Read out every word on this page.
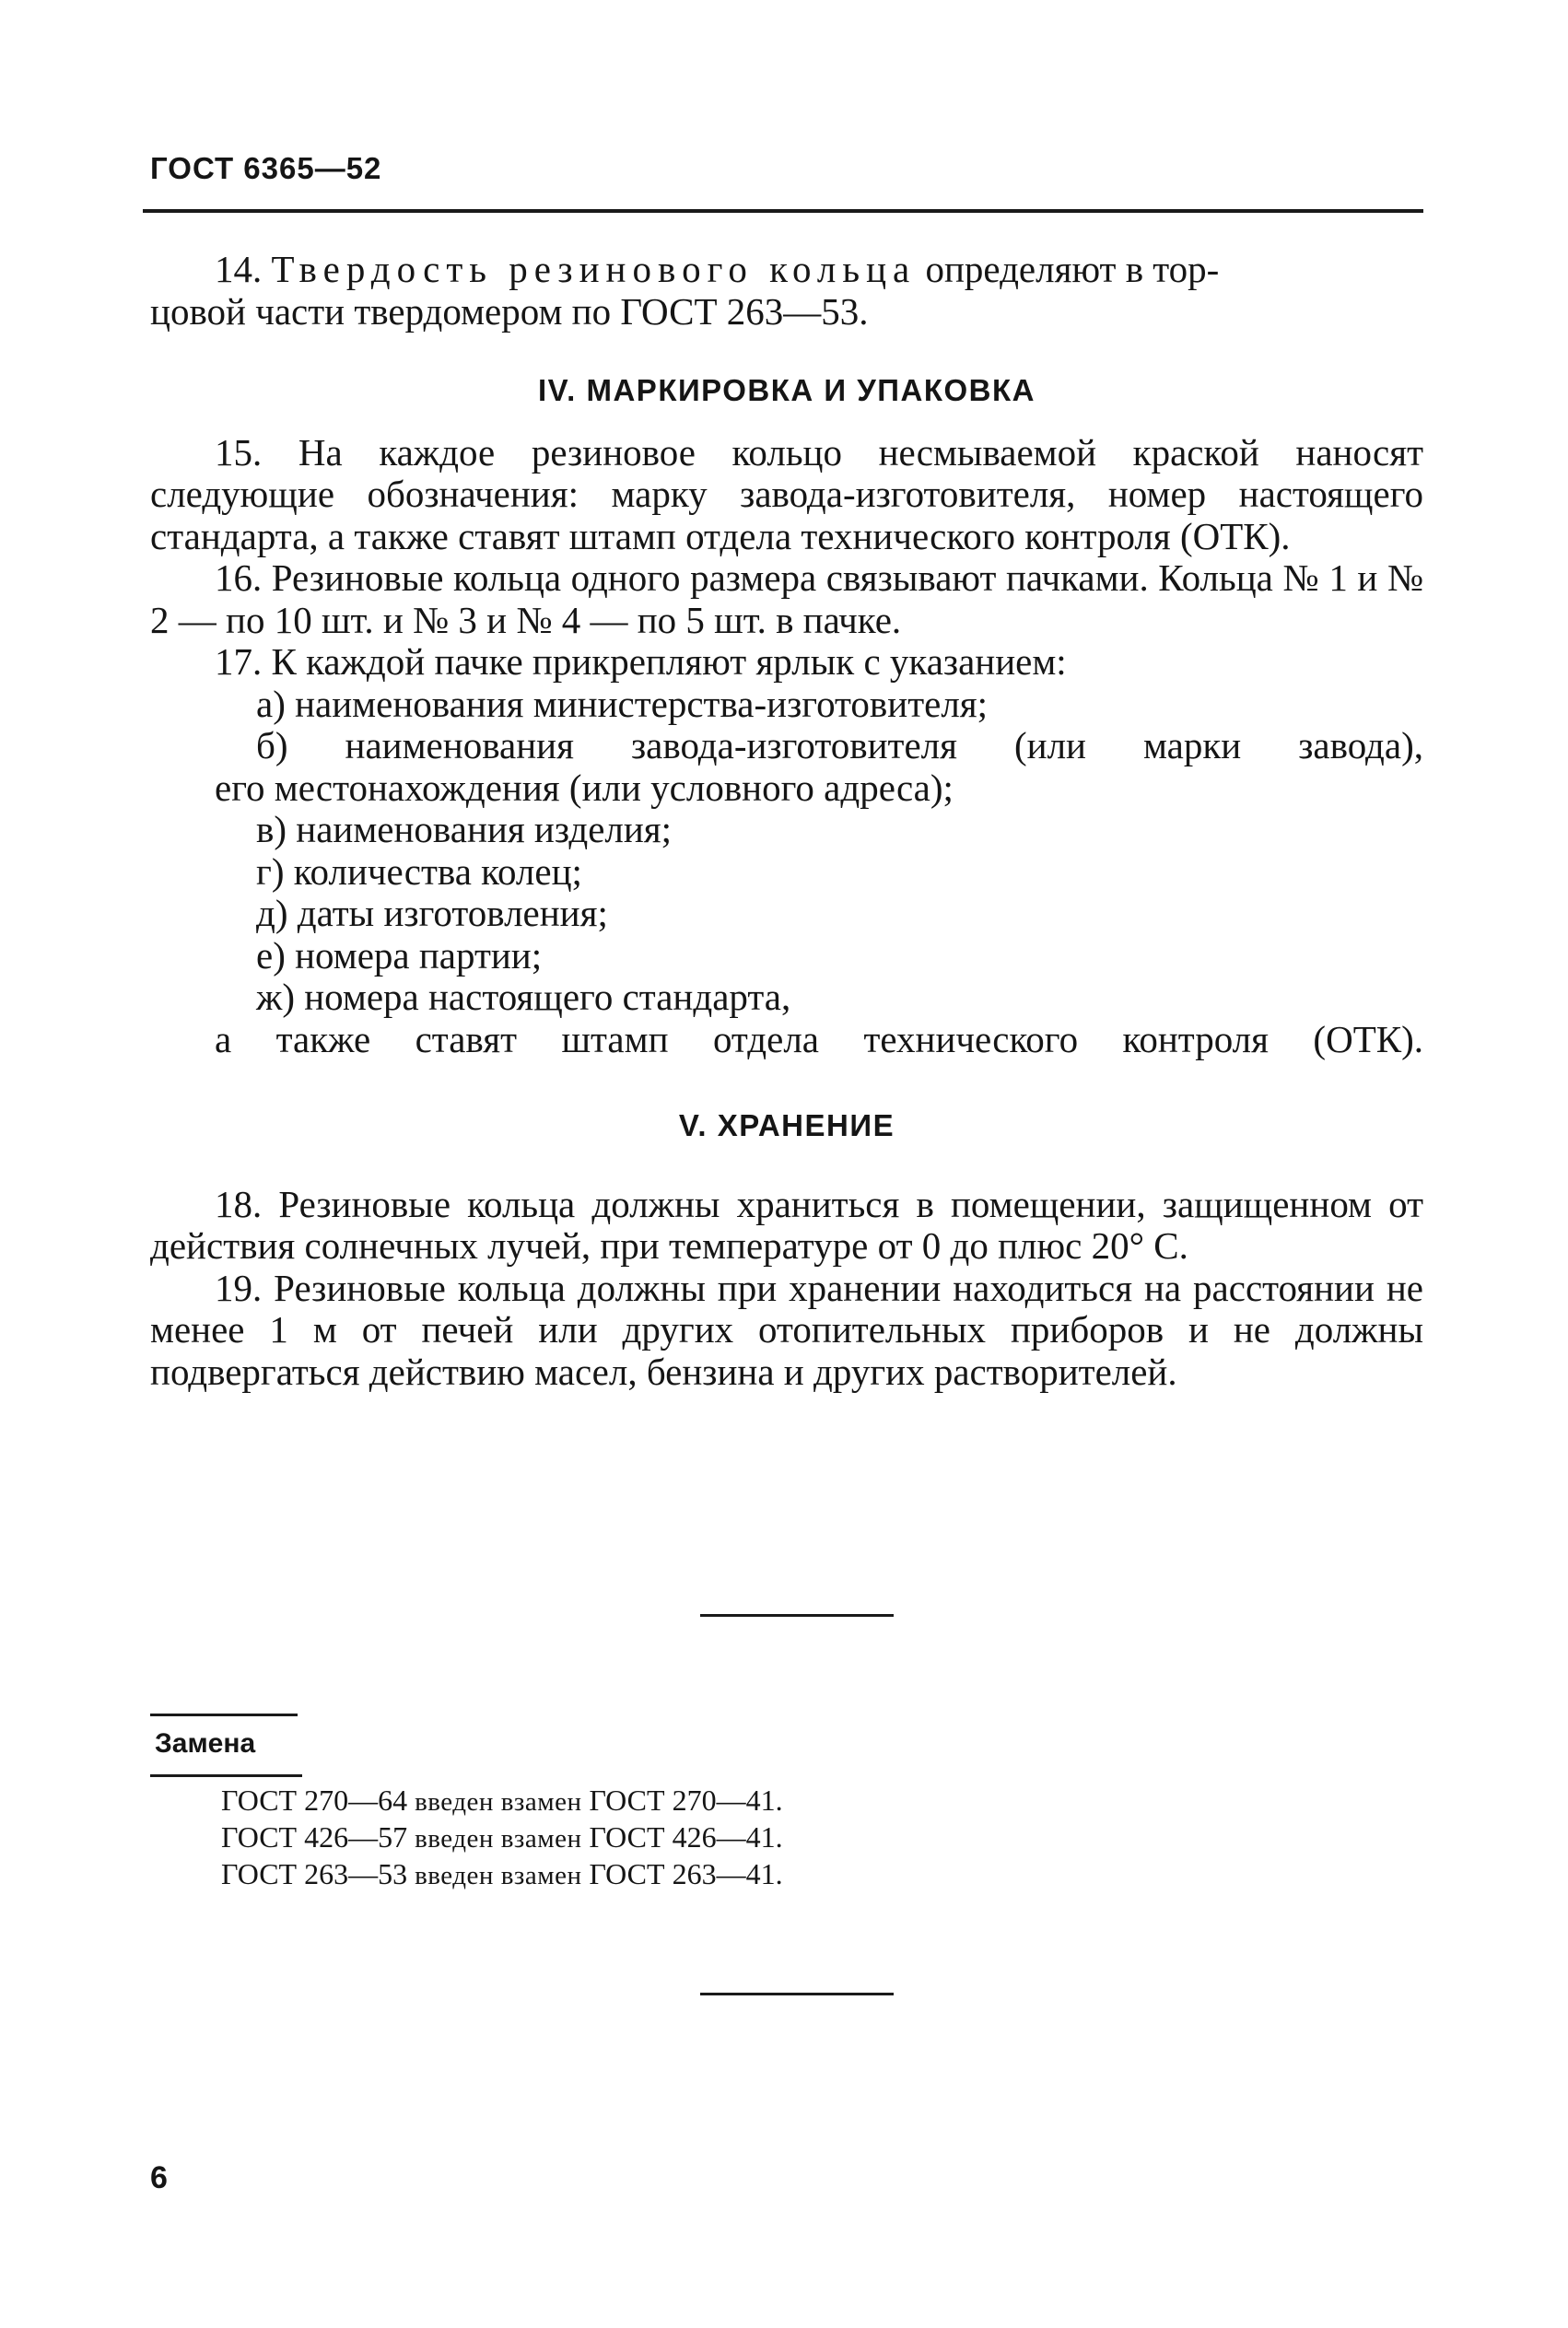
ГОСТ 6365—52

14. Твердость резинового кольца определяют в тор-
цовой части твердомером по ГОСТ 263—53.

IV. МАРКИРОВКА И УПАКОВКА

15. На каждое резиновое кольцо несмываемой краской наносят следующие обозначения: марку завода-изготовителя, номер настоящего стандарта, а также ставят штамп отдела технического контроля (ОТК).

16. Резиновые кольца одного размера связывают пачками. Кольца № 1 и № 2 — по 10 шт. и № 3 и № 4 — по 5 шт. в пачке.

17. К каждой пачке прикрепляют ярлык с указанием:

а) наименования министерства-изготовителя;

б) наименования завода-изготовителя (или марки завода),

его местонахождения (или условного адреса);

в) наименования изделия;

г) количества колец;

д) даты изготовления;

е) номера партии;

ж) номера настоящего стандарта,

а также ставят штамп отдела технического контроля (ОТК).

V. ХРАНЕНИЕ

18. Резиновые кольца должны храниться в помещении, защищенном от действия солнечных лучей, при температуре от 0 до плюс 20° С.

19. Резиновые кольца должны при хранении находиться на расстоянии не менее 1 м от печей или других отопительных приборов и не должны подвергаться действию масел, бензина и других растворителей.

Замена

ГОСТ 270—64 введен взамен ГОСТ 270—41.

ГОСТ 426—57 введен взамен ГОСТ 426—41.

ГОСТ 263—53 введен взамен ГОСТ 263—41.

6
